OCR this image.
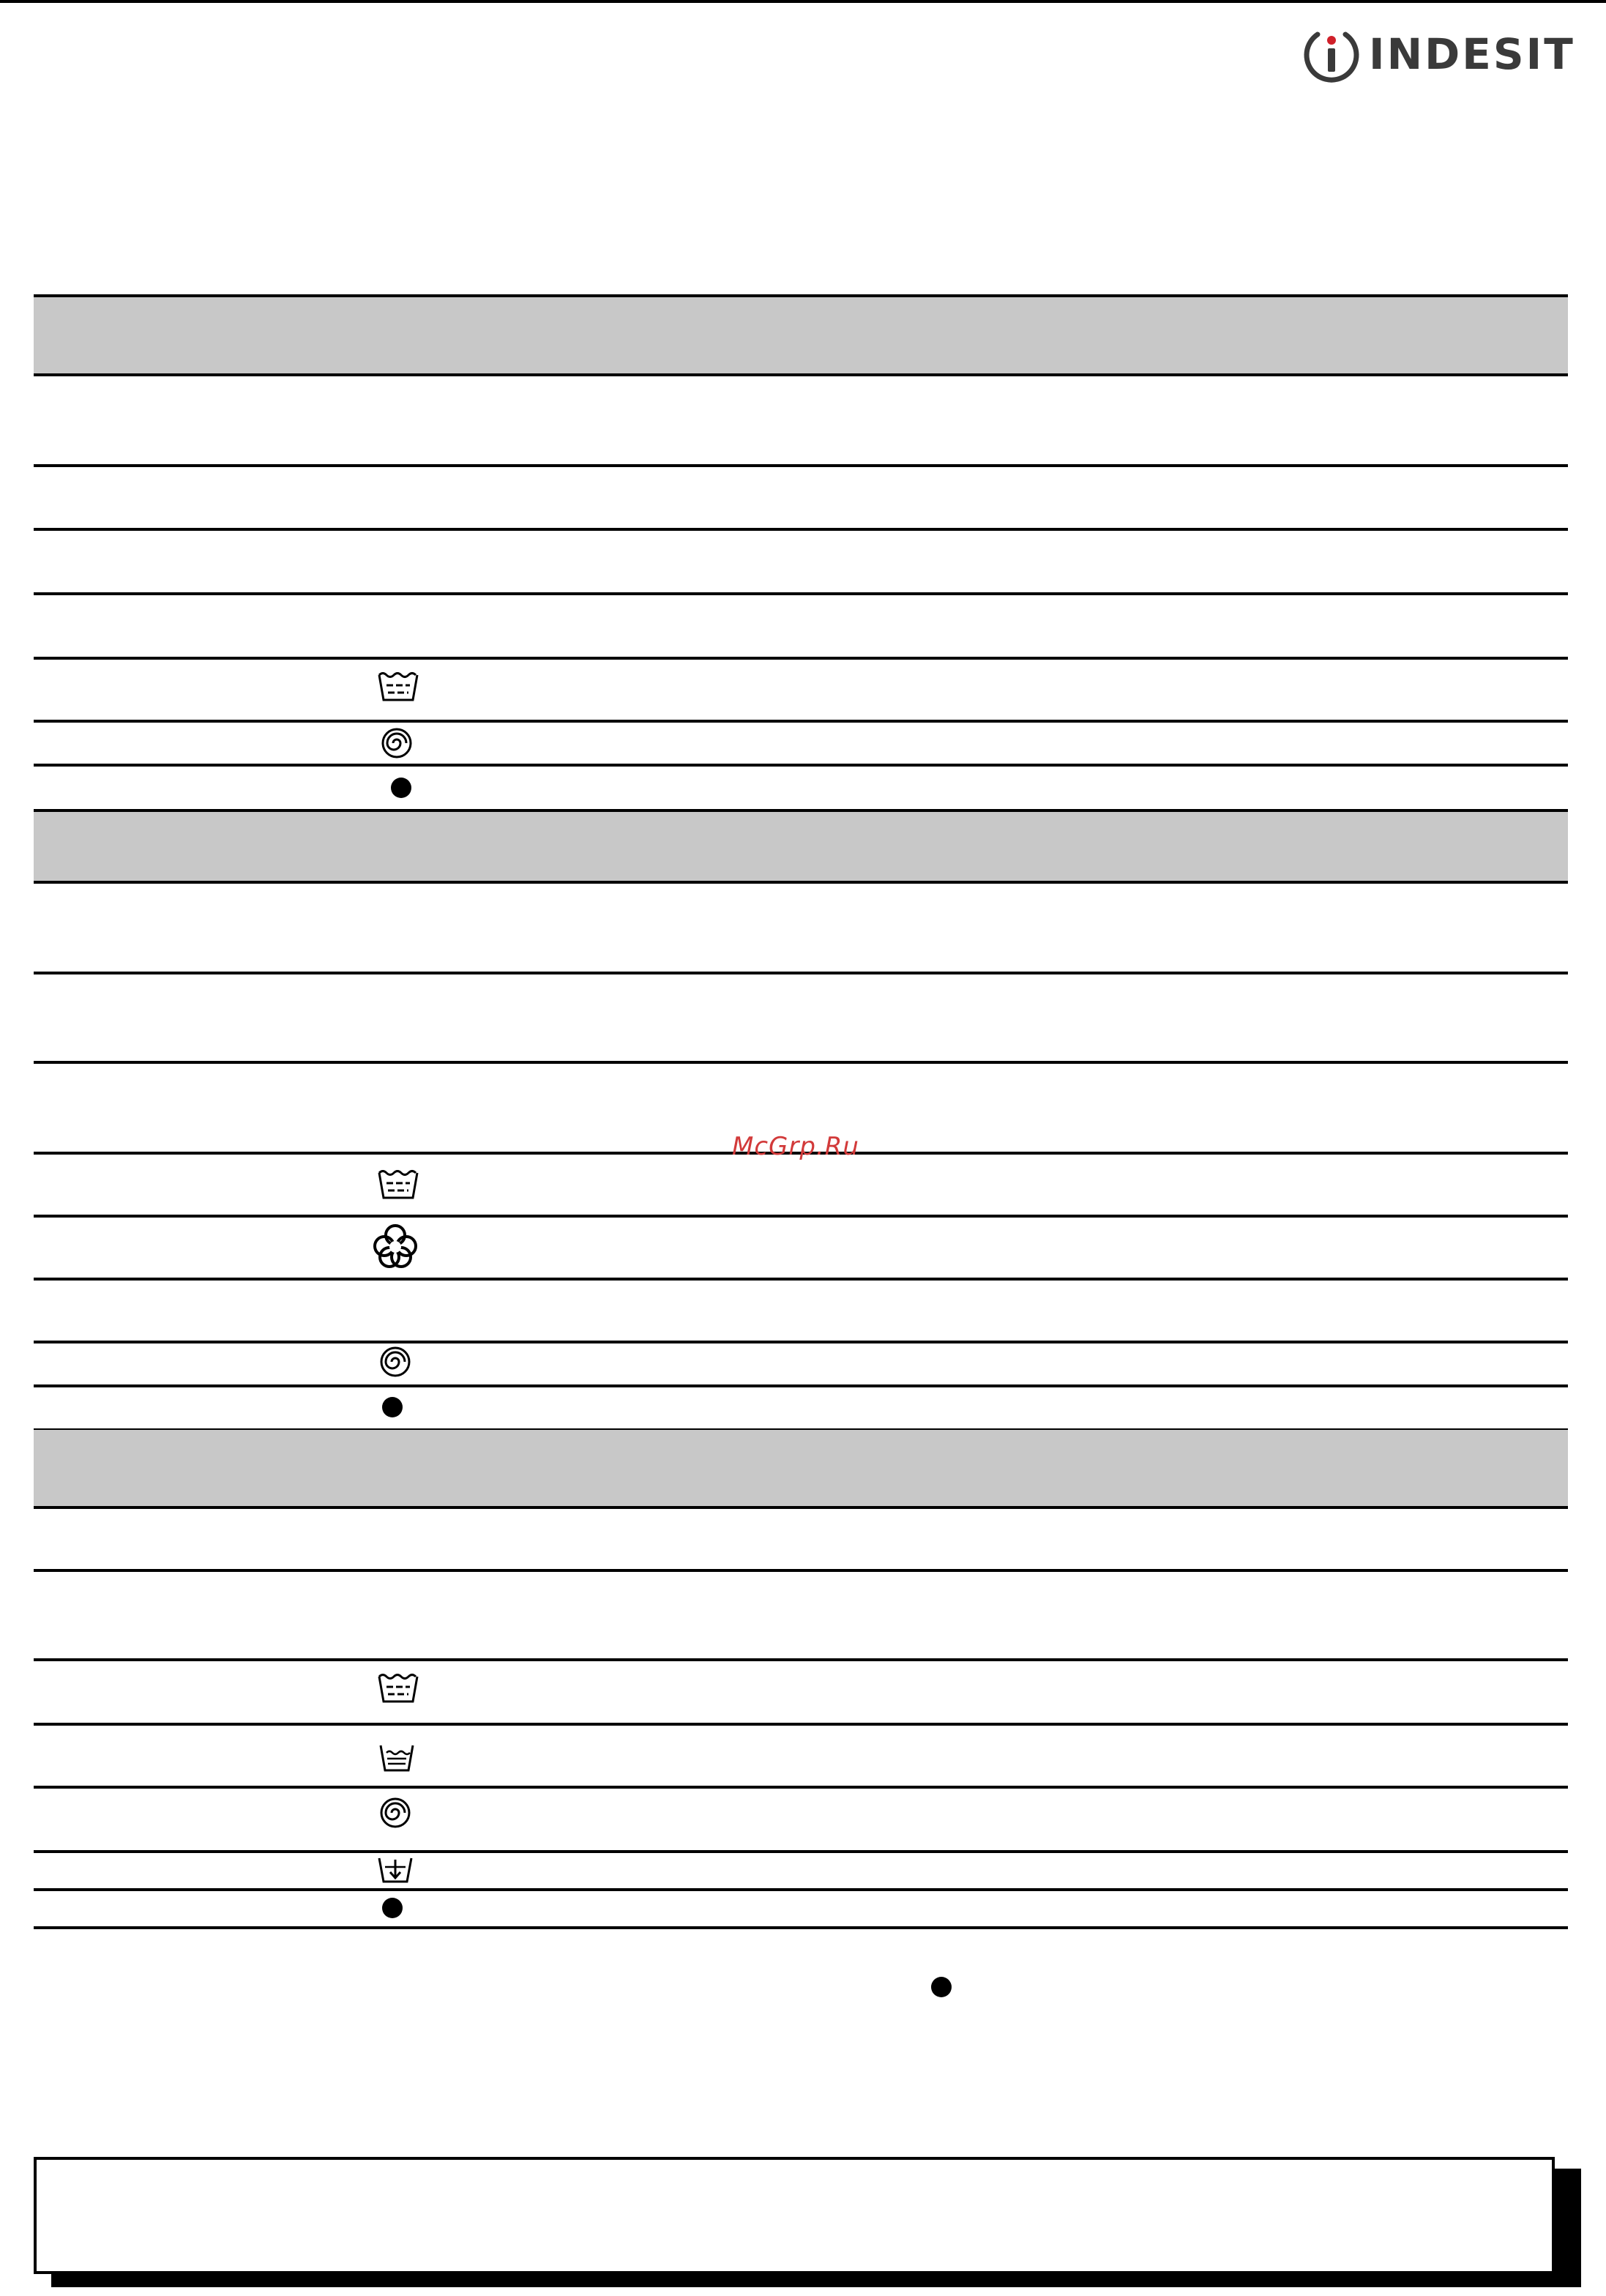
INDESIT
McGrp.Ru
